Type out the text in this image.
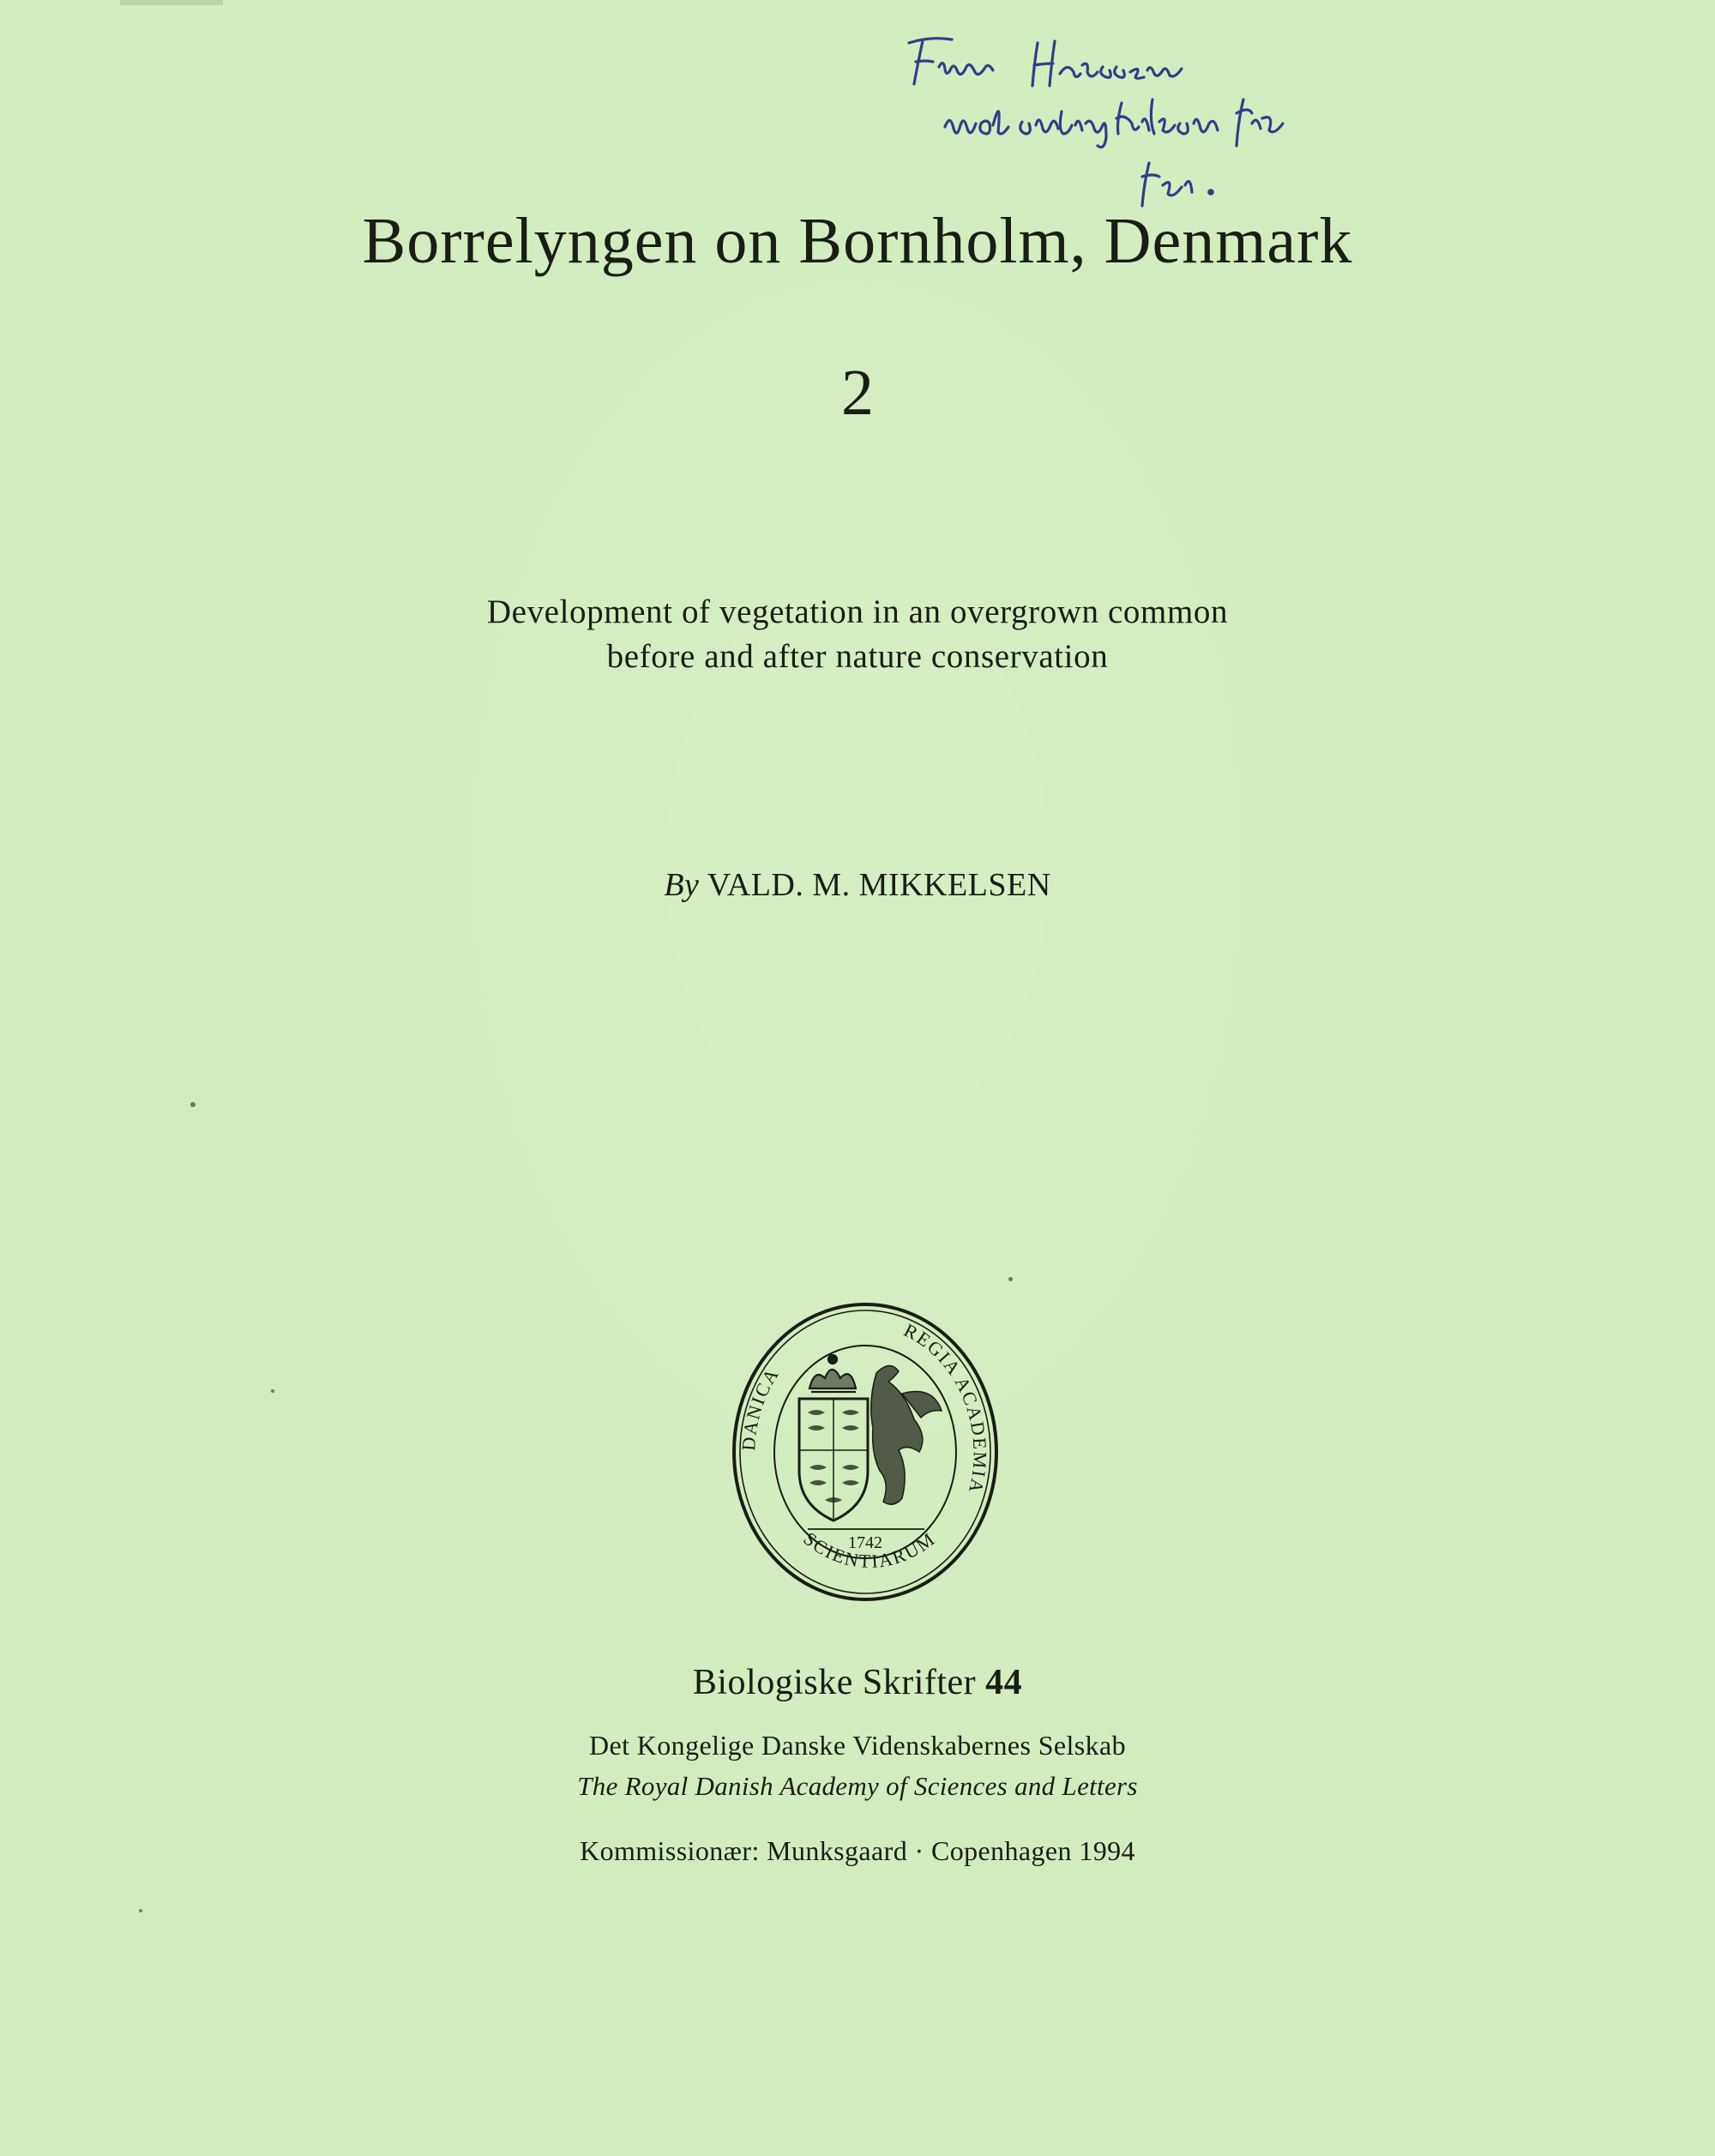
Borrelyngen on Bornholm, Denmark
2
Development of vegetation in an overgrown common
before and after nature conservation
By VALD. M. MIKKELSEN
DANICA
REGIA ACADEMIA
SCIENTIARUM
1742
Biologiske Skrifter 44
Det Kongelige Danske Videnskabernes Selskab
The Royal Danish Academy of Sciences and Letters
Kommissionær: Munksgaard · Copenhagen 1994
